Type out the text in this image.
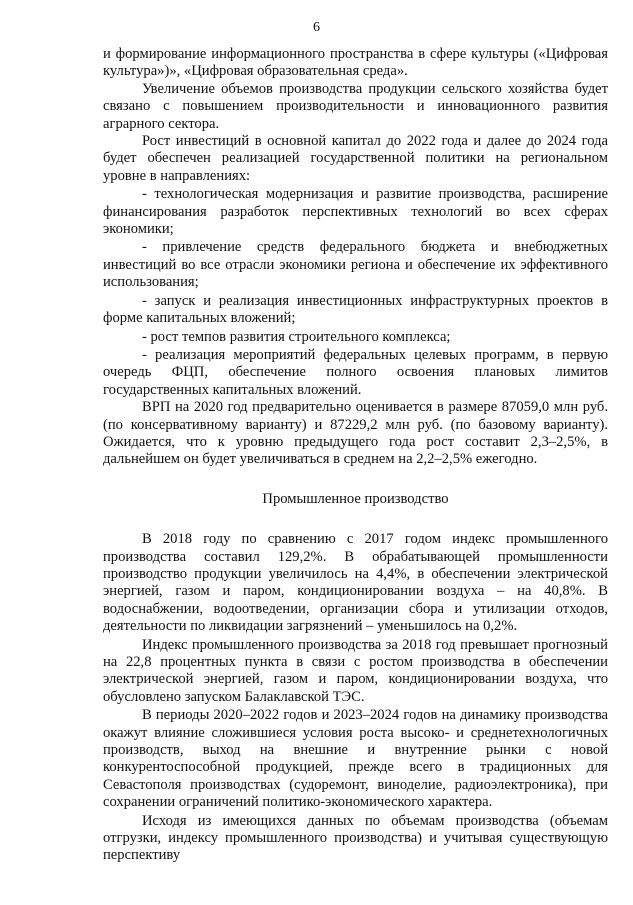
6

и формирование информационного пространства в сфере культуры («Цифровая культура»)», «Цифровая образовательная среда».

Увеличение объемов производства продукции сельского хозяйства будет связано с повышением производительности и инновационного развития аграрного сектора.

Рост инвестиций в основной капитал до 2022 года и далее до 2024 года будет обеспечен реализацией государственной политики на региональном уровне в направлениях:

- технологическая модернизация и развитие производства, расширение финансирования разработок перспективных технологий во всех сферах экономики;

- привлечение средств федерального бюджета и внебюджетных инвестиций во все отрасли экономики региона и обеспечение их эффективного использования;

- запуск и реализация инвестиционных инфраструктурных проектов в форме капитальных вложений;

- рост темпов развития строительного комплекса;

- реализация мероприятий федеральных целевых программ, в первую очередь ФЦП, обеспечение полного освоения плановых лимитов государственных капитальных вложений.

ВРП на 2020 год предварительно оценивается в размере 87059,0 млн руб. (по консервативному варианту) и 87229,2 млн руб. (по базовому варианту). Ожидается, что к уровню предыдущего года рост составит 2,3–2,5%, в дальнейшем он будет увеличиваться в среднем на 2,2–2,5% ежегодно.

Промышленное производство

В 2018 году по сравнению с 2017 годом индекс промышленного производства составил 129,2%. В обрабатывающей промышленности производство продукции увеличилось на 4,4%, в обеспечении электрической энергией, газом и паром, кондиционировании воздуха – на 40,8%. В водоснабжении, водоотведении, организации сбора и утилизации отходов, деятельности по ликвидации загрязнений – уменьшилось на 0,2%.

Индекс промышленного производства за 2018 год превышает прогнозный на 22,8 процентных пункта в связи с ростом производства в обеспечении электрической энергией, газом и паром, кондиционировании воздуха, что обусловлено запуском Балаклавской ТЭС.

В периоды 2020–2022 годов и 2023–2024 годов на динамику производства окажут влияние сложившиеся условия роста высоко- и среднетехнологичных производств, выход на внешние и внутренние рынки с новой конкурентоспособной продукцией, прежде всего в традиционных для Севастополя производствах (судоремонт, виноделие, радиоэлектроника), при сохранении ограничений политико-экономического характера.

Исходя из имеющихся данных по объемам производства (объемам отгрузки, индексу промышленного производства) и учитывая существующую перспективу
